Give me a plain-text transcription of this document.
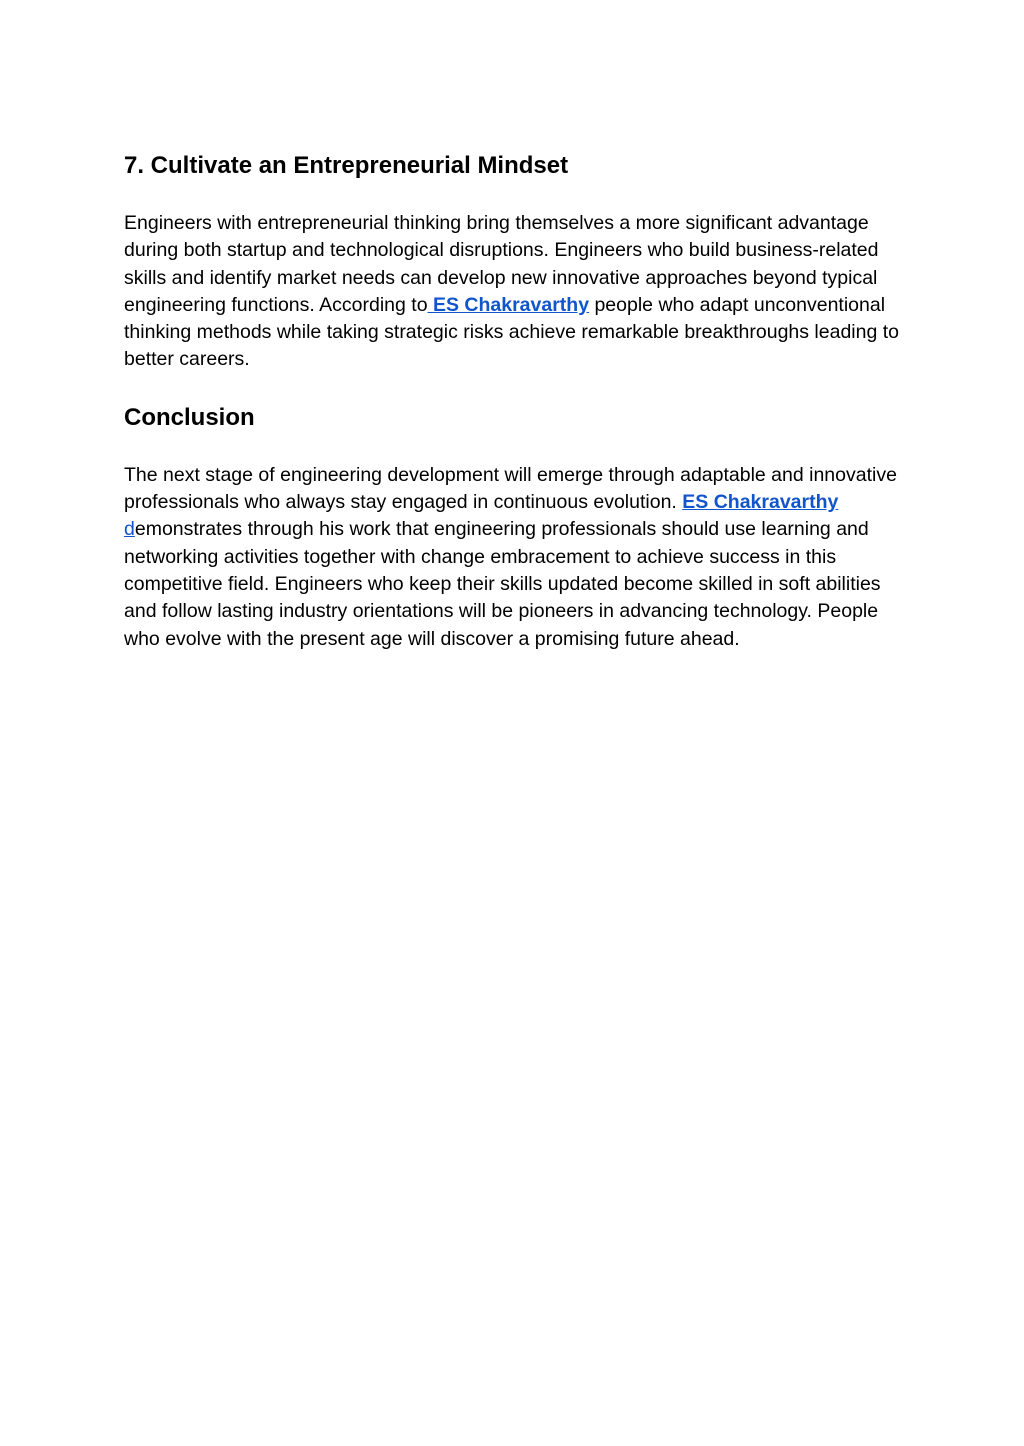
7. Cultivate an Entrepreneurial Mindset

Engineers with entrepreneurial thinking bring themselves a more significant advantage during both startup and technological disruptions. Engineers who build business-related skills and identify market needs can develop new innovative approaches beyond typical engineering functions. According to ES Chakravarthy people who adapt unconventional thinking methods while taking strategic risks achieve remarkable breakthroughs leading to better careers.

Conclusion

The next stage of engineering development will emerge through adaptable and innovative professionals who always stay engaged in continuous evolution. ES Chakravarthy demonstrates through his work that engineering professionals should use learning and networking activities together with change embracement to achieve success in this competitive field. Engineers who keep their skills updated become skilled in soft abilities and follow lasting industry orientations will be pioneers in advancing technology. People who evolve with the present age will discover a promising future ahead.
